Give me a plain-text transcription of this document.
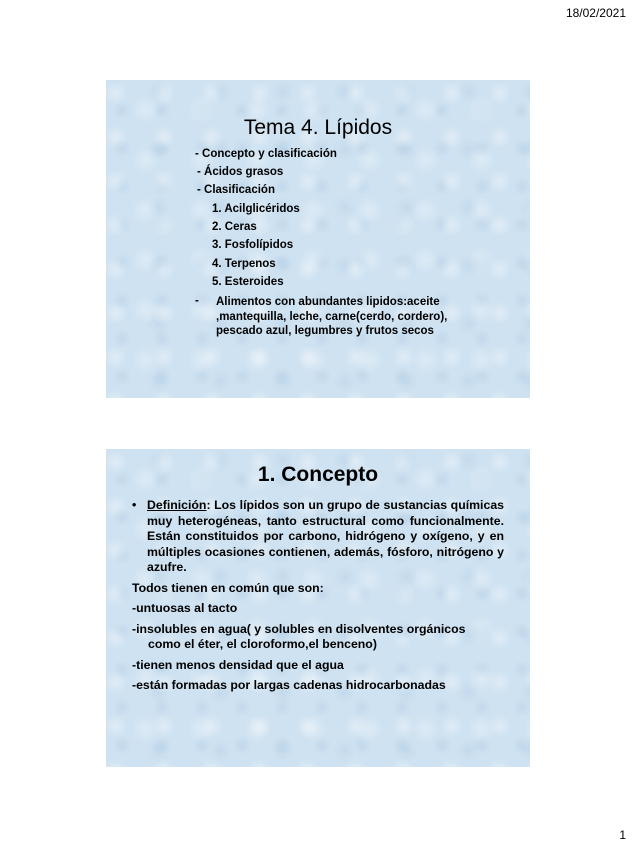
18/02/2021
Tema 4. Lípidos
- Concepto y clasificación
- Ácidos grasos
- Clasificación
1. Acilglicéridos
2. Ceras
3. Fosfolípidos
4. Terpenos
5. Esteroides
- Alimentos con abundantes lipidos:aceite ,mantequilla, leche, carne(cerdo, cordero), pescado azul, legumbres y frutos secos
1. Concepto
• Definición: Los lípidos son un grupo de sustancias químicas muy heterogéneas, tanto estructural como funcionalmente. Están constituidos por carbono, hidrógeno y oxígeno, y en múltiples ocasiones contienen, además, fósforo, nitrógeno y azufre.
Todos tienen en común que son:
-untuosas al tacto
-insolubles en agua( y solubles en disolventes orgánicos
como el éter, el cloroformo,el benceno)
-tienen menos densidad que el agua
-están formadas por largas cadenas hidrocarbonadas
1
